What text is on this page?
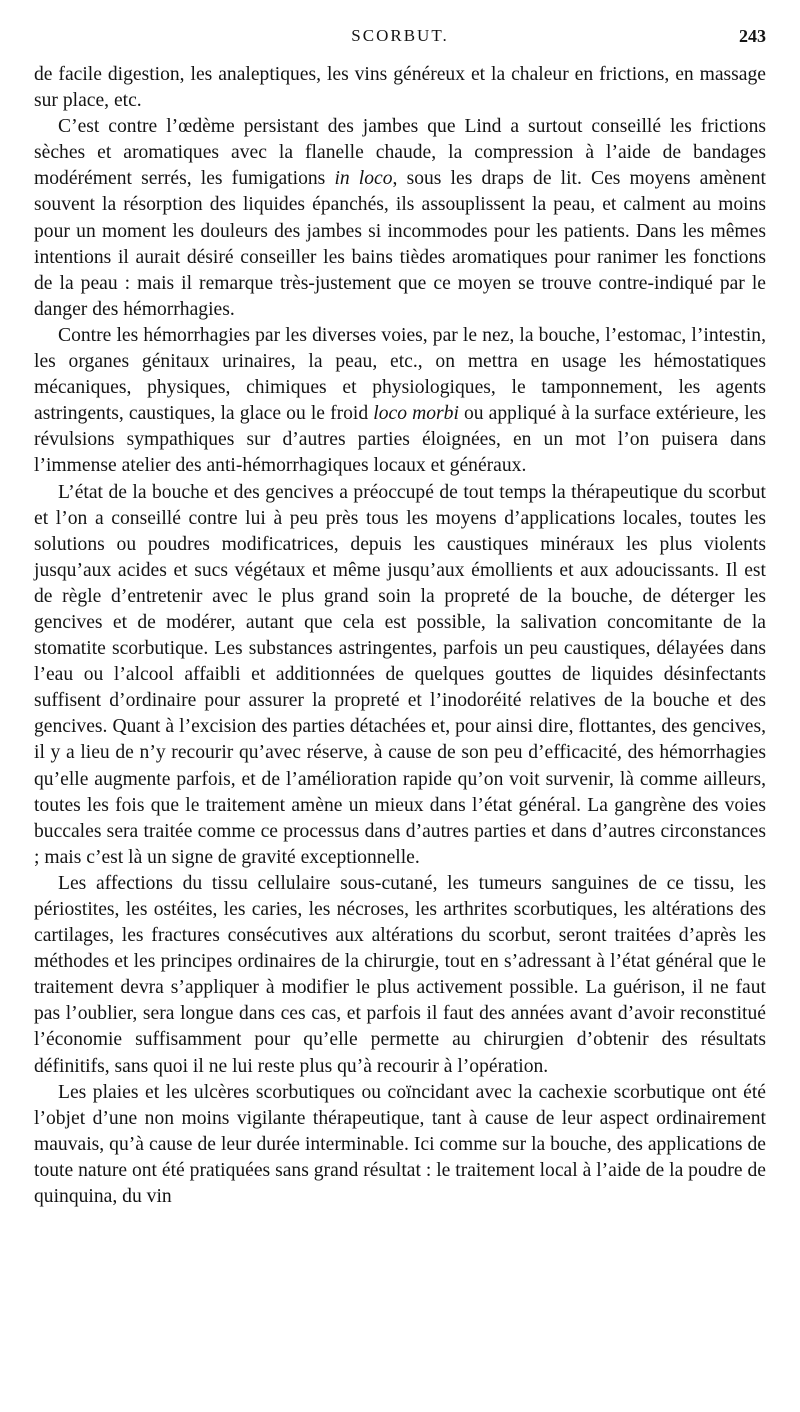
SCORBUT.	243

de facile digestion, les analeptiques, les vins généreux et la chaleur en frictions, en massage sur place, etc.

C’est contre l’œdème persistant des jambes que Lind a surtout conseillé les frictions sèches et aromatiques avec la flanelle chaude, la compression à l’aide de bandages modérément serrés, les fumigations in loco, sous les draps de lit. Ces moyens amènent souvent la résorption des liquides épanchés, ils assouplissent la peau, et calment au moins pour un moment les douleurs des jambes si incommodes pour les patients. Dans les mêmes intentions il aurait désiré conseiller les bains tièdes aromatiques pour ranimer les fonctions de la peau : mais il remarque très-justement que ce moyen se trouve contre-indiqué par le danger des hémorrhagies.

Contre les hémorrhagies par les diverses voies, par le nez, la bouche, l’estomac, l’intestin, les organes génitaux urinaires, la peau, etc., on mettra en usage les hémostatiques mécaniques, physiques, chimiques et physiologiques, le tamponnement, les agents astringents, caustiques, la glace ou le froid loco morbi ou appliqué à la surface extérieure, les révulsions sympathiques sur d’autres parties éloignées, en un mot l’on puisera dans l’immense atelier des anti-hémorrhagiques locaux et généraux.

L’état de la bouche et des gencives a préoccupé de tout temps la thérapeutique du scorbut et l’on a conseillé contre lui à peu près tous les moyens d’applications locales, toutes les solutions ou poudres modificatrices, depuis les caustiques minéraux les plus violents jusqu’aux acides et sucs végétaux et même jusqu’aux émollients et aux adoucissants. Il est de règle d’entretenir avec le plus grand soin la propreté de la bouche, de déterger les gencives et de modérer, autant que cela est possible, la salivation concomitante de la stomatite scorbutique. Les substances astringentes, parfois un peu caustiques, délayées dans l’eau ou l’alcool affaibli et additionnées de quelques gouttes de liquides désinfectants suffisent d’ordinaire pour assurer la propreté et l’inodoréité relatives de la bouche et des gencives. Quant à l’excision des parties détachées et, pour ainsi dire, flottantes, des gencives, il y a lieu de n’y recourir qu’avec réserve, à cause de son peu d’efficacité, des hémorrhagies qu’elle augmente parfois, et de l’amélioration rapide qu’on voit survenir, là comme ailleurs, toutes les fois que le traitement amène un mieux dans l’état général. La gangrène des voies buccales sera traitée comme ce processus dans d’autres parties et dans d’autres circonstances ; mais c’est là un signe de gravité exceptionnelle.

Les affections du tissu cellulaire sous-cutané, les tumeurs sanguines de ce tissu, les périostites, les ostéites, les caries, les nécroses, les arthrites scorbutiques, les altérations des cartilages, les fractures consécutives aux altérations du scorbut, seront traitées d’après les méthodes et les principes ordinaires de la chirurgie, tout en s’adressant à l’état général que le traitement devra s’appliquer à modifier le plus activement possible. La guérison, il ne faut pas l’oublier, sera longue dans ces cas, et parfois il faut des années avant d’avoir reconstitué l’économie suffisamment pour qu’elle permette au chirurgien d’obtenir des résultats définitifs, sans quoi il ne lui reste plus qu’à recourir à l’opération.

Les plaies et les ulcères scorbutiques ou coïncidant avec la cachexie scorbutique ont été l’objet d’une non moins vigilante thérapeutique, tant à cause de leur aspect ordinairement mauvais, qu’à cause de leur durée interminable. Ici comme sur la bouche, des applications de toute nature ont été pratiquées sans grand résultat : le traitement local à l’aide de la poudre de quinquina, du vin
